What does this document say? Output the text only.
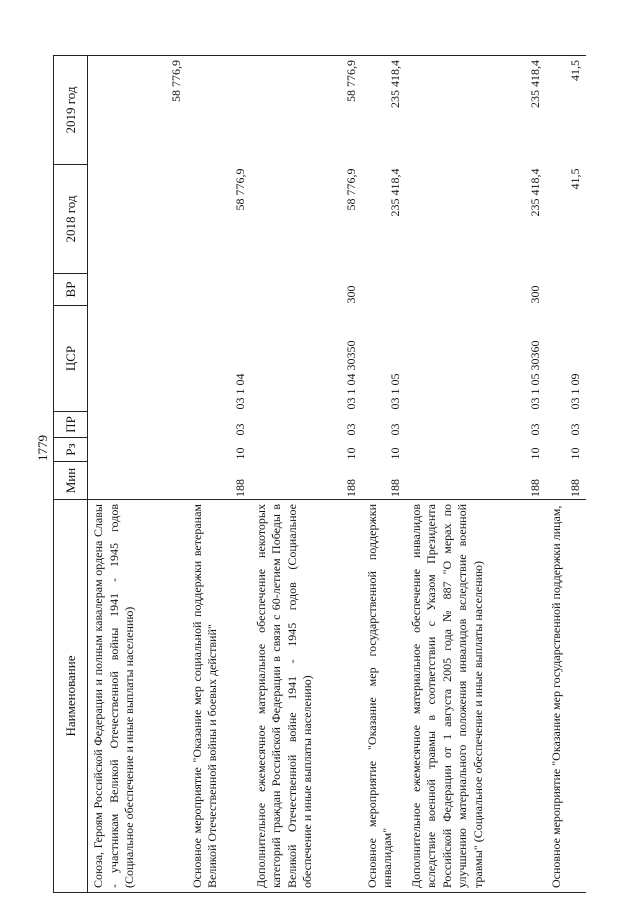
1779
Наименование	Мин	Рз	ПР	ЦСР	ВР	2018 год	2019 год
Союза, Героям Российской Федерации и полным кавалерам ордена Славы - участникам Великой Отечественной войны 1941 - 1945 годов (Социальное обеспечение и иные выплаты населению)							58 776,9
Основное мероприятие "Оказание мер социальной поддержки ветеранам Великой Отечественной войны и боевых действий"	188	10	03	03 1 04		58 776,9	
Дополнительное ежемесячное материальное обеспечение некоторых категорий граждан Российской Федерации в связи с 60-летием Победы в Великой Отечественной войне 1941 - 1945 годов (Социальное обеспечение и иные выплаты населению)	188	10	03	03 1 04 30350	300	58 776,9	58 776,9
Основное мероприятие "Оказание мер государственной поддержки инвалидам"	188	10	03	03 1 05		235 418,4	235 418,4
Дополнительное ежемесячное материальное обеспечение инвалидов вследствие военной травмы в соответствии с Указом Президента Российской Федерации от 1 августа 2005 года № 887 "О мерах по улучшению материального положения инвалидов вследствие военной травмы" (Социальное обеспечение и иные выплаты населению)	188	10	03	03 1 05 30360	300	235 418,4	235 418,4
Основное мероприятие "Оказание мер государственной поддержки лицам,	188	10	03	03 1 09		41,5	41,5
